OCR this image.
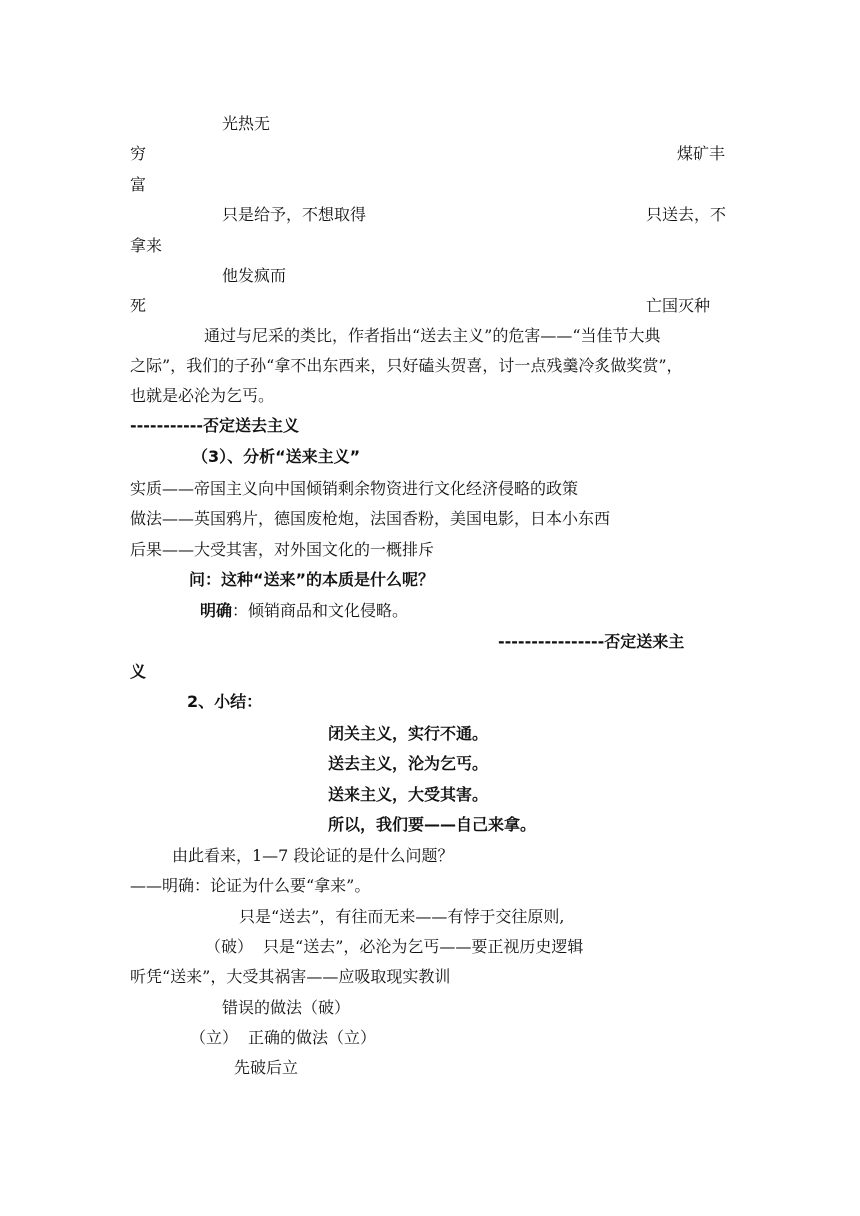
光热无
穷	煤矿丰
富
只是给予，不想取得	只送去，不
拿来
他发疯而
死	亡国灭种
通过与尼采的类比，作者指出“送去主义”的危害——“当佳节大典
之际”，我们的子孙“拿不出东西来，只好磕头贺喜，讨一点残羹冷炙做奖赏”，
也就是必沦为乞丐。
-----------否定送去主义
（3）、分析“送来主义”
实质——帝国主义向中国倾销剩余物资进行文化经济侵略的政策
做法——英国鸦片，德国废枪炮，法国香粉，美国电影，日本小东西
后果——大受其害，对外国文化的一概排斥
问：这种“送来”的本质是什么呢？
明确：倾销商品和文化侵略。
----------------否定送来主
义
2、小结：
闭关主义，实行不通。
送去主义，沦为乞丐。
送来主义，大受其害。
所以，我们要——自己来拿。
由此看来，1—7 段论证的是什么问题？
——明确：论证为什么要“拿来”。
只是“送去”，有往而无来——有悖于交往原则,
（破） 只是“送去”，必沦为乞丐——要正视历史逻辑
听凭“送来”，大受其祸害——应吸取现实教训
错误的做法（破）
（立） 正确的做法（立）
先破后立
